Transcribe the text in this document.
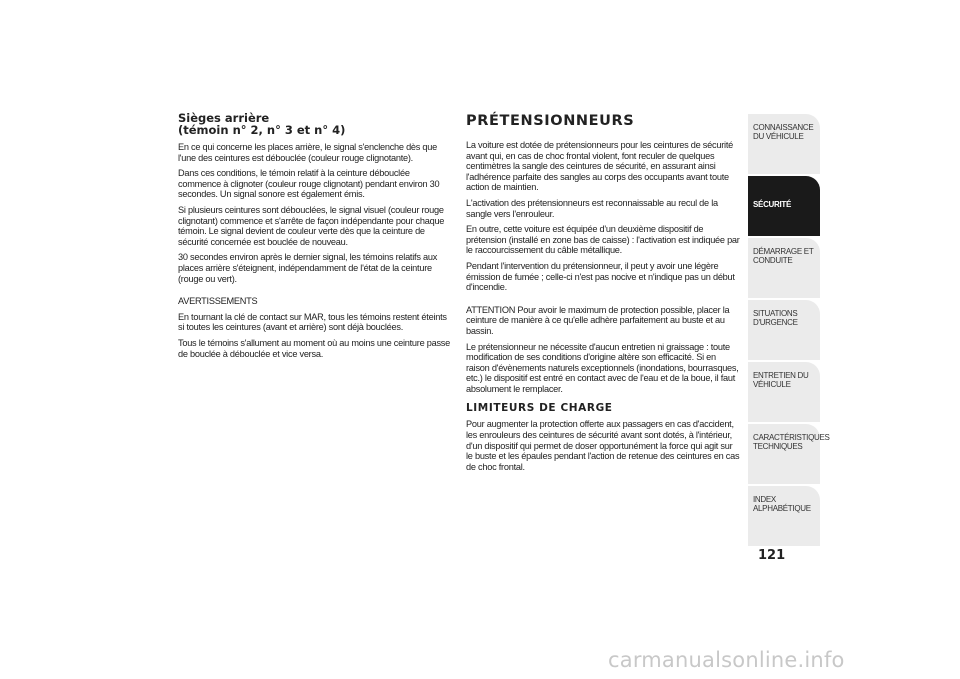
Sièges arrière
(témoin n° 2, n° 3 et n° 4)

En ce qui concerne les places arrière, le signal s'enclenche dès que l'une des ceintures est débouclée (couleur rouge clignotante).

Dans ces conditions, le témoin relatif à la ceinture débouclée commence à clignoter (couleur rouge clignotant) pendant environ 30 secondes. Un signal sonore est également émis.

Si plusieurs ceintures sont débouclées, le signal visuel (couleur rouge clignotant) commence et s'arrête de façon indépendante pour chaque témoin. Le signal devient de couleur verte dès que la ceinture de sécurité concernée est bouclée de nouveau.

30 secondes environ après le dernier signal, les témoins relatifs aux places arrière s'éteignent, indépendamment de l'état de la ceinture (rouge ou vert).

AVERTISSEMENTS

En tournant la clé de contact sur MAR, tous les témoins restent éteints si toutes les ceintures (avant et arrière) sont déjà bouclées.

Tous le témoins s'allument au moment où au moins une ceinture passe de bouclée à débouclée et vice versa.

PRÉTENSIONNEURS

La voiture est dotée de prétensionneurs pour les ceintures de sécurité avant qui, en cas de choc frontal violent, font reculer de quelques centimètres la sangle des ceintures de sécurité, en assurant ainsi l'adhérence parfaite des sangles au corps des occupants avant toute action de maintien.

L'activation des prétensionneurs est reconnaissable au recul de la sangle vers l'enrouleur.

En outre, cette voiture est équipée d'un deuxième dispositif de prétension (installé en zone bas de caisse) : l'activation est indiquée par le raccourcissement du câble métallique.

Pendant l'intervention du prétensionneur, il peut y avoir une légère émission de fumée ; celle-ci n'est pas nocive et n'indique pas un début d'incendie.

ATTENTION Pour avoir le maximum de protection possible, placer la ceinture de manière à ce qu'elle adhère parfaitement au buste et au bassin.

Le prétensionneur ne nécessite d'aucun entretien ni graissage : toute modification de ses conditions d'origine altère son efficacité. Si en raison d'évènements naturels exceptionnels (inondations, bourrasques, etc.) le dispositif est entré en contact avec de l'eau et de la boue, il faut absolument le remplacer.

LIMITEURS DE CHARGE

Pour augmenter la protection offerte aux passagers en cas d'accident, les enrouleurs des ceintures de sécurité avant sont dotés, à l'intérieur, d'un dispositif qui permet de doser opportunément la force qui agit sur le buste et les épaules pendant l'action de retenue des ceintures en cas de choc frontal.

CONNAISSANCE DU VÉHICULE
SÉCURITÉ
DÉMARRAGE ET CONDUITE
SITUATIONS D'URGENCE
ENTRETIEN DU VÉHICULE
CARACTÉRISTIQUES TECHNIQUES
INDEX ALPHABÉTIQUE
121
carmanualsonline.info
